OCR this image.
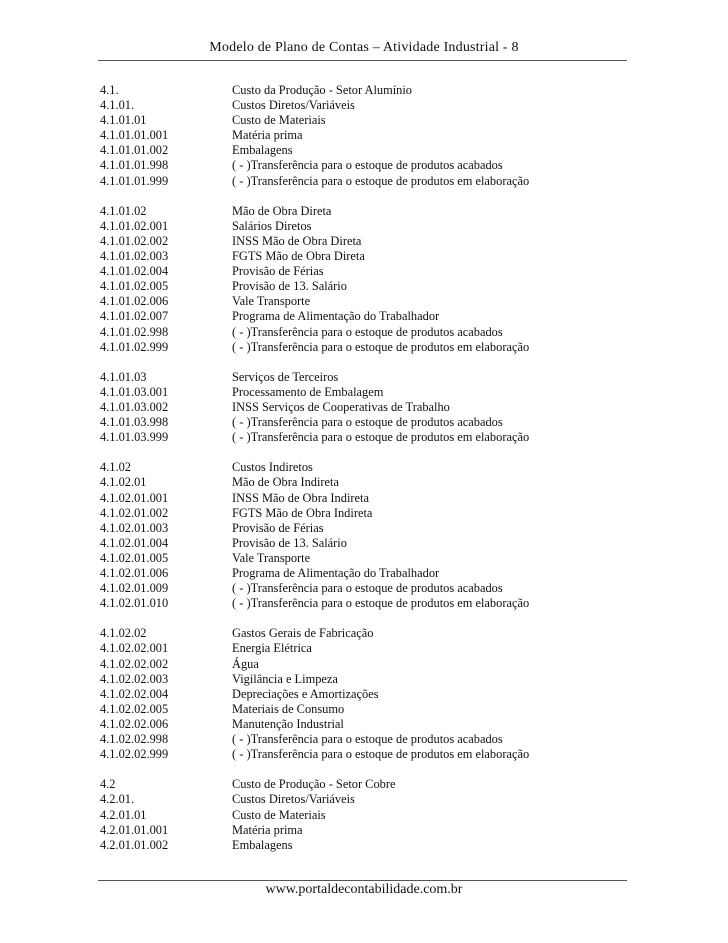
Modelo de Plano de Contas – Atividade Industrial - 8
4.1.	Custo da Produção - Setor Alumínio
4.1.01.	Custos Diretos/Variáveis
4.1.01.01	Custo de Materiais
4.1.01.01.001	Matéria prima
4.1.01.01.002	Embalagens
4.1.01.01.998	( - )Transferência para o estoque de produtos acabados
4.1.01.01.999	( - )Transferência para o estoque de produtos em elaboração
4.1.01.02	Mão de Obra Direta
4.1.01.02.001	Salários Diretos
4.1.01.02.002	INSS Mão de Obra Direta
4.1.01.02.003	FGTS Mão de Obra Direta
4.1.01.02.004	Provisão de Férias
4.1.01.02.005	Provisão de 13. Salário
4.1.01.02.006	Vale Transporte
4.1.01.02.007	Programa de Alimentação do Trabalhador
4.1.01.02.998	( - )Transferência para o estoque de produtos acabados
4.1.01.02.999	( - )Transferência para o estoque de produtos em elaboração
4.1.01.03	Serviços de Terceiros
4.1.01.03.001	Processamento de Embalagem
4.1.01.03.002	INSS Serviços de Cooperativas de Trabalho
4.1.01.03.998	( - )Transferência para o estoque de produtos acabados
4.1.01.03.999	( - )Transferência para o estoque de produtos em elaboração
4.1.02	Custos Indiretos
4.1.02.01	Mão de Obra Indireta
4.1.02.01.001	INSS Mão de Obra Indireta
4.1.02.01.002	FGTS Mão de Obra Indireta
4.1.02.01.003	Provisão de Férias
4.1.02.01.004	Provisão de 13. Salário
4.1.02.01.005	Vale Transporte
4.1.02.01.006	Programa de Alimentação do Trabalhador
4.1.02.01.009	( - )Transferência para o estoque de produtos acabados
4.1.02.01.010	( - )Transferência para o estoque de produtos em elaboração
4.1.02.02	Gastos Gerais de Fabricação
4.1.02.02.001	Energia Elétrica
4.1.02.02.002	Água
4.1.02.02.003	Vigilância e Limpeza
4.1.02.02.004	Depreciações e Amortizações
4.1.02.02.005	Materiais de Consumo
4.1.02.02.006	Manutenção Industrial
4.1.02.02.998	( - )Transferência para o estoque de produtos acabados
4.1.02.02.999	( - )Transferência para o estoque de produtos em elaboração
4.2	Custo de Produção - Setor Cobre
4.2.01.	Custos Diretos/Variáveis
4.2.01.01	Custo de Materiais
4.2.01.01.001	Matéria prima
4.2.01.01.002	Embalagens
www.portaldecontabilidade.com.br
